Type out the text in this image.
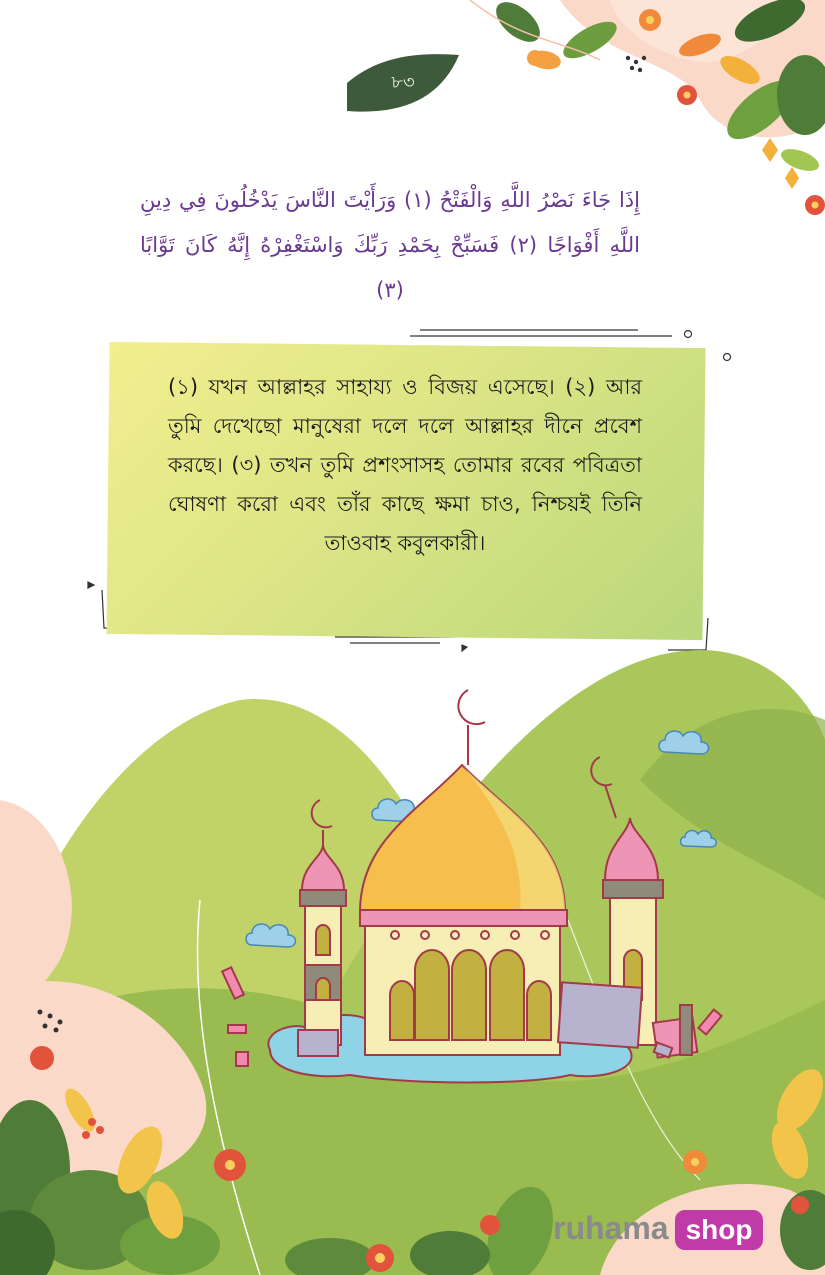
৮৩
إِذَا جَاءَ نَصْرُ اللَّهِ وَالْفَتْحُ (١) وَرَأَيْتَ النَّاسَ يَدْخُلُونَ فِي دِينِ اللَّهِ أَفْوَاجًا (٢) فَسَبِّحْ بِحَمْدِ رَبِّكَ وَاسْتَغْفِرْهُ إِنَّهُ كَانَ تَوَّابًا (٣)
(১) যখন আল্লাহর সাহায্য ও বিজয় এসেছে। (২) আর তুমি দেখেছো মানুষেরা দলে দলে আল্লাহর দীনে প্রবেশ করছে। (৩) তখন তুমি প্রশংসাসহ তোমার রবের পবিত্রতা ঘোষণা করো এবং তাঁর কাছে ক্ষমা চাও, নিশ্চয়ই তিনি তাওবাহ কবুলকারী।
ruhama shop
